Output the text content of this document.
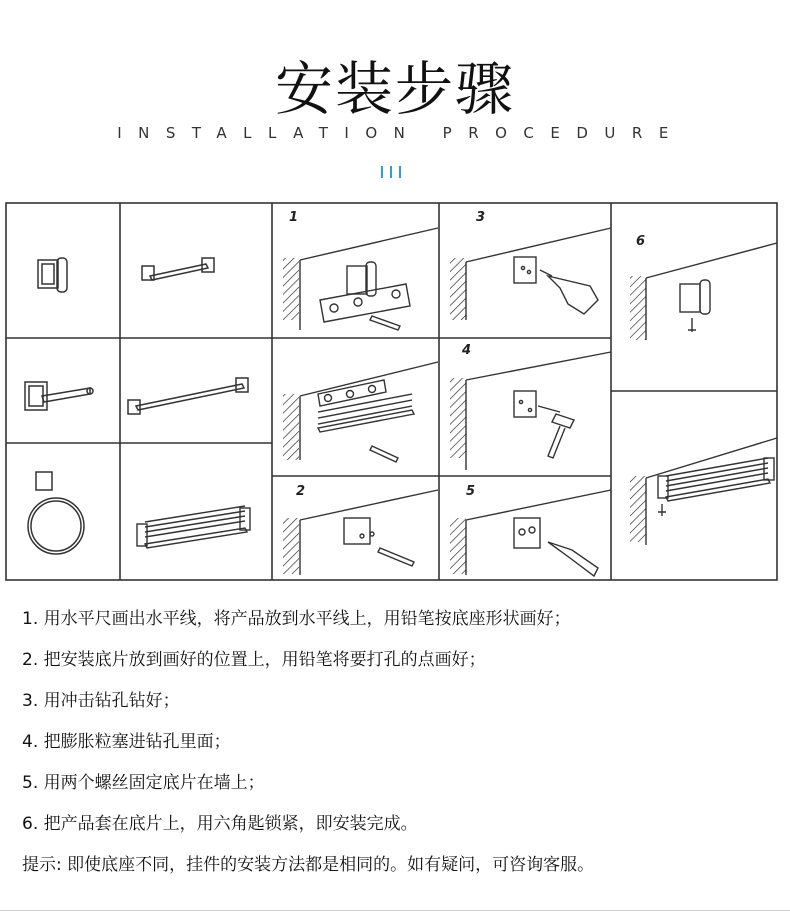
安装步骤
INSTALLATION PROCEDURE
1
2
3
4
5
6
1. 用水平尺画出水平线，将产品放到水平线上，用铅笔按底座形状画好；
2. 把安装底片放到画好的位置上，用铅笔将要打孔的点画好；
3. 用冲击钻孔钻好；
4. 把膨胀粒塞进钻孔里面；
5. 用两个螺丝固定底片在墙上；
6. 把产品套在底片上，用六角匙锁紧，即安装完成。
提示: 即使底座不同，挂件的安装方法都是相同的。如有疑问，可咨询客服。
